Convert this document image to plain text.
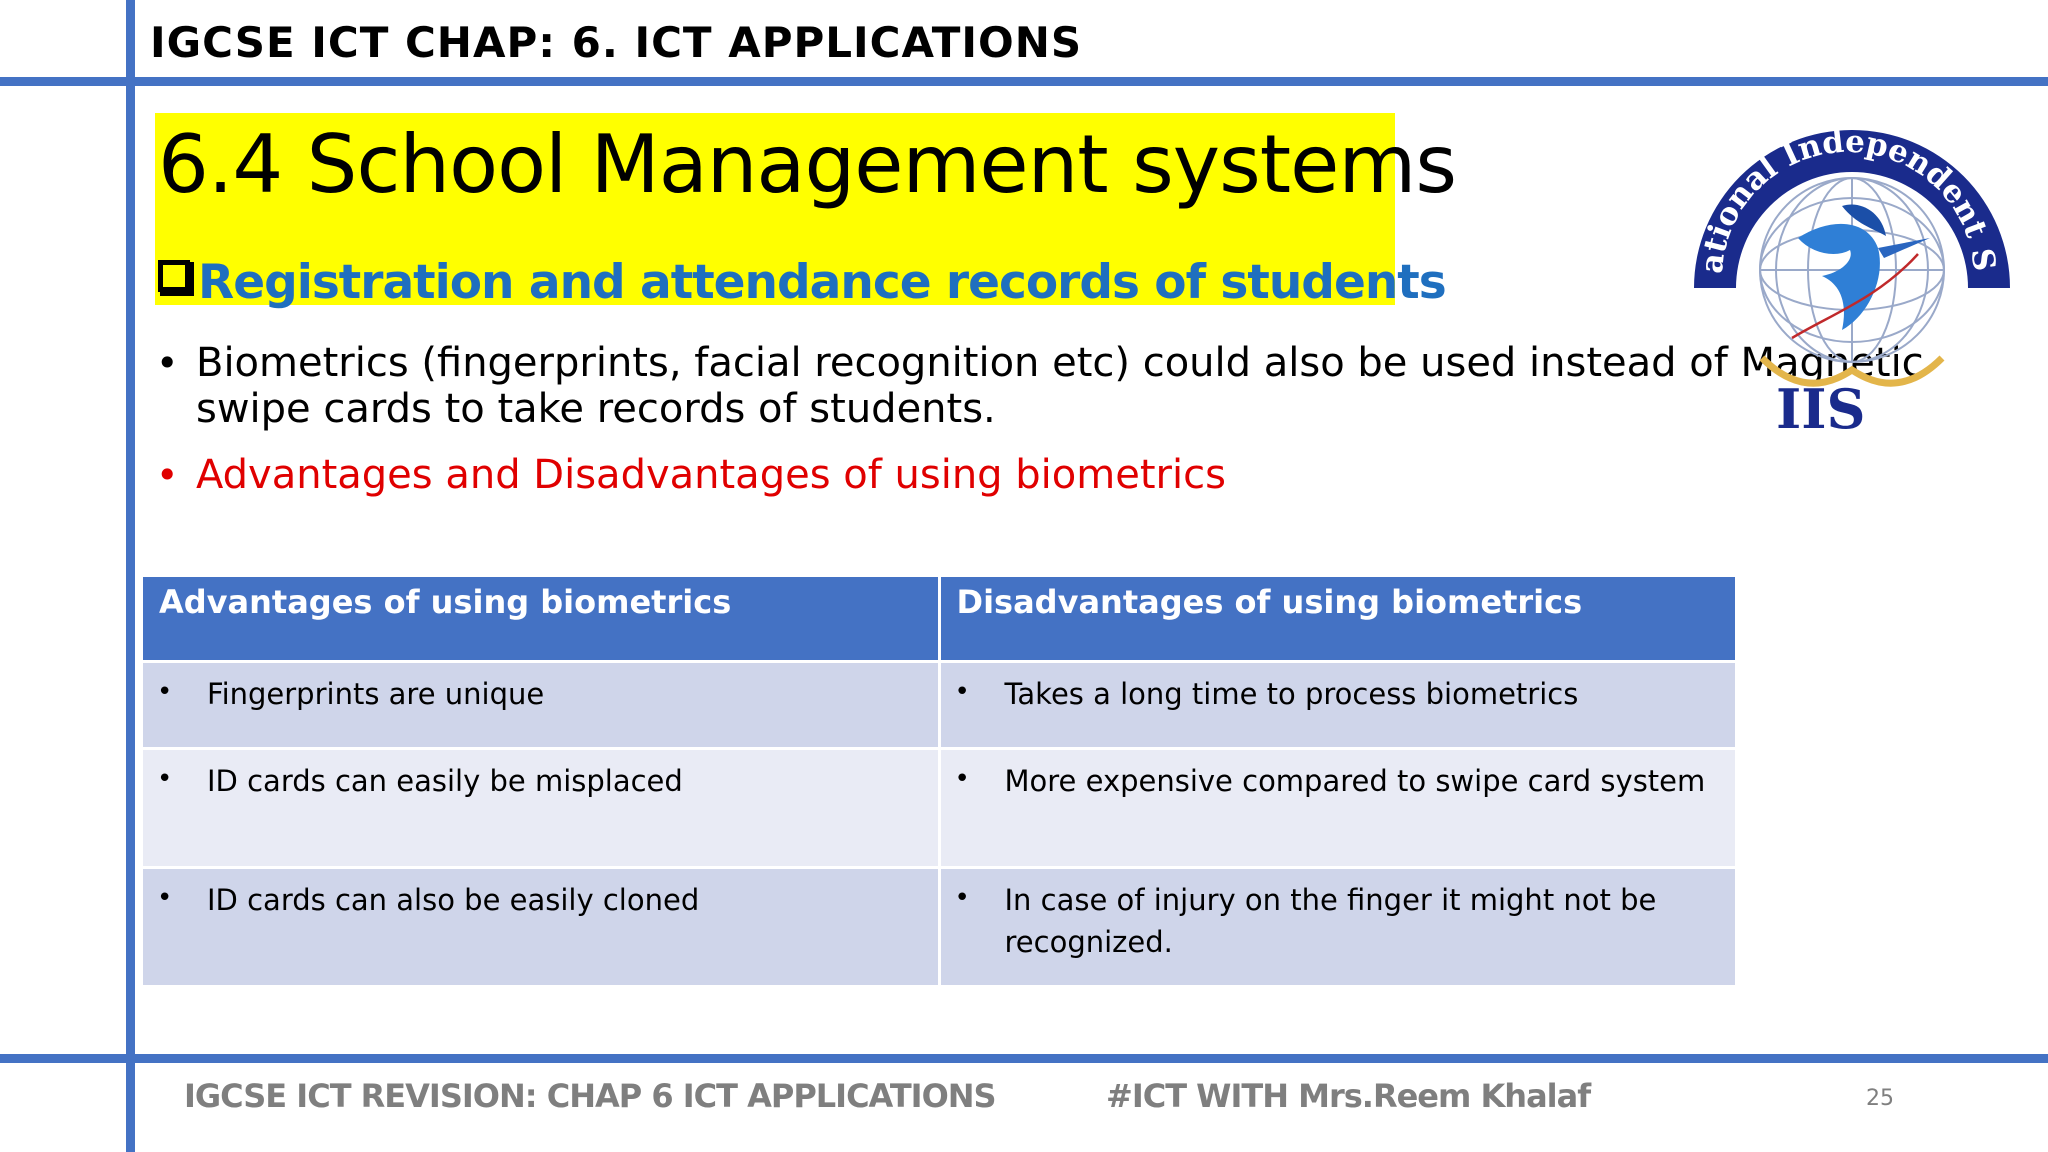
IGCSE ICT CHAP: 6. ICT APPLICATIONS
6.4 School Management systems
Registration and attendance records of students
• Biometrics (fingerprints, facial recognition etc) could also be used instead of Magnetic swipe cards to take records of students.
• Advantages and Disadvantages of using biometrics
ational Independent S
IIS
Advantages of using biometrics	Disadvantages of using biometrics

• Fingerprints are unique	• Takes a long time to process biometrics

• ID cards can easily be misplaced	• More expensive compared to swipe card system

• ID cards can also be easily cloned	• In case of injury on the finger it might not be recognized.
IGCSE ICT REVISION: CHAP 6 ICT APPLICATIONS	#ICT WITH Mrs.Reem Khalaf	25
